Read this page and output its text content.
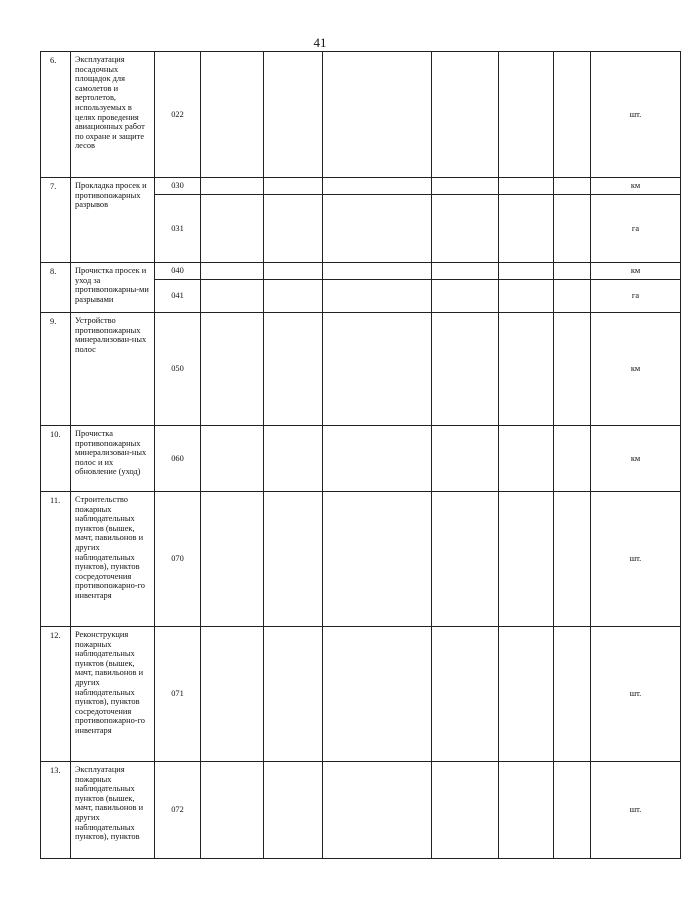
41
6.	Эксплуатация посадочных площадок для самолетов и вертолетов, используемых в целях проведения авиационных работ по охране и защите лесов	022							шт.	
7.	Прокладка просек и противопожарных разрывов	030							км	
		031							га	
8.	Прочистка просек и уход за противопожарны-ми разрывами	040							км	
		041							га	
9.	Устройство противопожарных минерализован-ных полос	050							км	
10.	Прочистка противопожарных минерализован-ных полос и их обновление (уход)	060							км	
11.	Строительство пожарных наблюдательных пунктов (вышек, мачт, павильонов и других наблюдательных пунктов), пунктов сосредоточения противопожарно-го инвентаря	070							шт.	
12.	Реконструкция пожарных наблюдательных пунктов (вышек, мачт, павильонов и других наблюдательных пунктов), пунктов сосредоточения противопожарно-го инвентаря	071							шт.	
13.	Эксплуатация пожарных наблюдательных пунктов (вышек, мачт, павильонов и других наблюдательных пунктов), пунктов	072							шт.	
